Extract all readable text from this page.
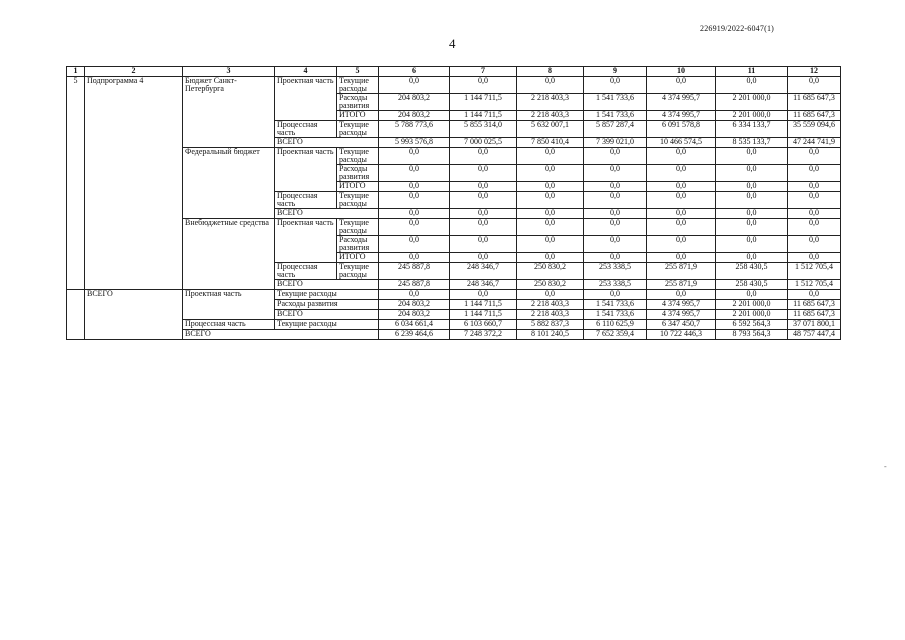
226919/2022-6047(1)
4
1	2	3	4	5	6	7	8	9	10	11	12
5	Подпрограмма 4	Бюджет Санкт-Петербурга	Проектная часть	Текущие расходы	0,0	0,0	0,0	0,0	0,0	0,0	0,0
				Расходы развития	204 803,2	1 144 711,5	2 218 403,3	1 541 733,6	4 374 995,7	2 201 000,0	11 685 647,3
				ИТОГО	204 803,2	1 144 711,5	2 218 403,3	1 541 733,6	4 374 995,7	2 201 000,0	11 685 647,3
			Процессная часть	Текущие расходы	5 788 773,6	5 855 314,0	5 632 007,1	5 857 287,4	6 091 578,8	6 334 133,7	35 559 094,6
			ВСЕГО		5 993 576,8	7 000 025,5	7 850 410,4	7 399 021,0	10 466 574,5	8 535 133,7	47 244 741,9
		Федеральный бюджет	Проектная часть	Текущие расходы	0,0	0,0	0,0	0,0	0,0	0,0	0,0
				Расходы развития	0,0	0,0	0,0	0,0	0,0	0,0	0,0
				ИТОГО	0,0	0,0	0,0	0,0	0,0	0,0	0,0
			Процессная часть	Текущие расходы	0,0	0,0	0,0	0,0	0,0	0,0	0,0
			ВСЕГО		0,0	0,0	0,0	0,0	0,0	0,0	0,0
		Внебюджетные средства	Проектная часть	Текущие расходы	0,0	0,0	0,0	0,0	0,0	0,0	0,0
				Расходы развития	0,0	0,0	0,0	0,0	0,0	0,0	0,0
				ИТОГО	0,0	0,0	0,0	0,0	0,0	0,0	0,0
			Процессная часть	Текущие расходы	245 887,8	248 346,7	250 830,2	253 338,5	255 871,9	258 430,5	1 512 705,4
			ВСЕГО		245 887,8	248 346,7	250 830,2	253 338,5	255 871,9	258 430,5	1 512 705,4
	ВСЕГО	Проектная часть	Текущие расходы		0,0	0,0	0,0	0,0	0,0	0,0	0,0
			Расходы развития		204 803,2	1 144 711,5	2 218 403,3	1 541 733,6	4 374 995,7	2 201 000,0	11 685 647,3
			ВСЕГО		204 803,2	1 144 711,5	2 218 403,3	1 541 733,6	4 374 995,7	2 201 000,0	11 685 647,3
		Процессная часть	Текущие расходы		6 034 661,4	6 103 660,7	5 882 837,3	6 110 625,9	6 347 450,7	6 592 564,3	37 071 800,1
		ВСЕГО			6 239 464,6	7 248 372,2	8 101 240,5	7 652 359,4	10 722 446,3	8 793 564,3	48 757 447,4
-
